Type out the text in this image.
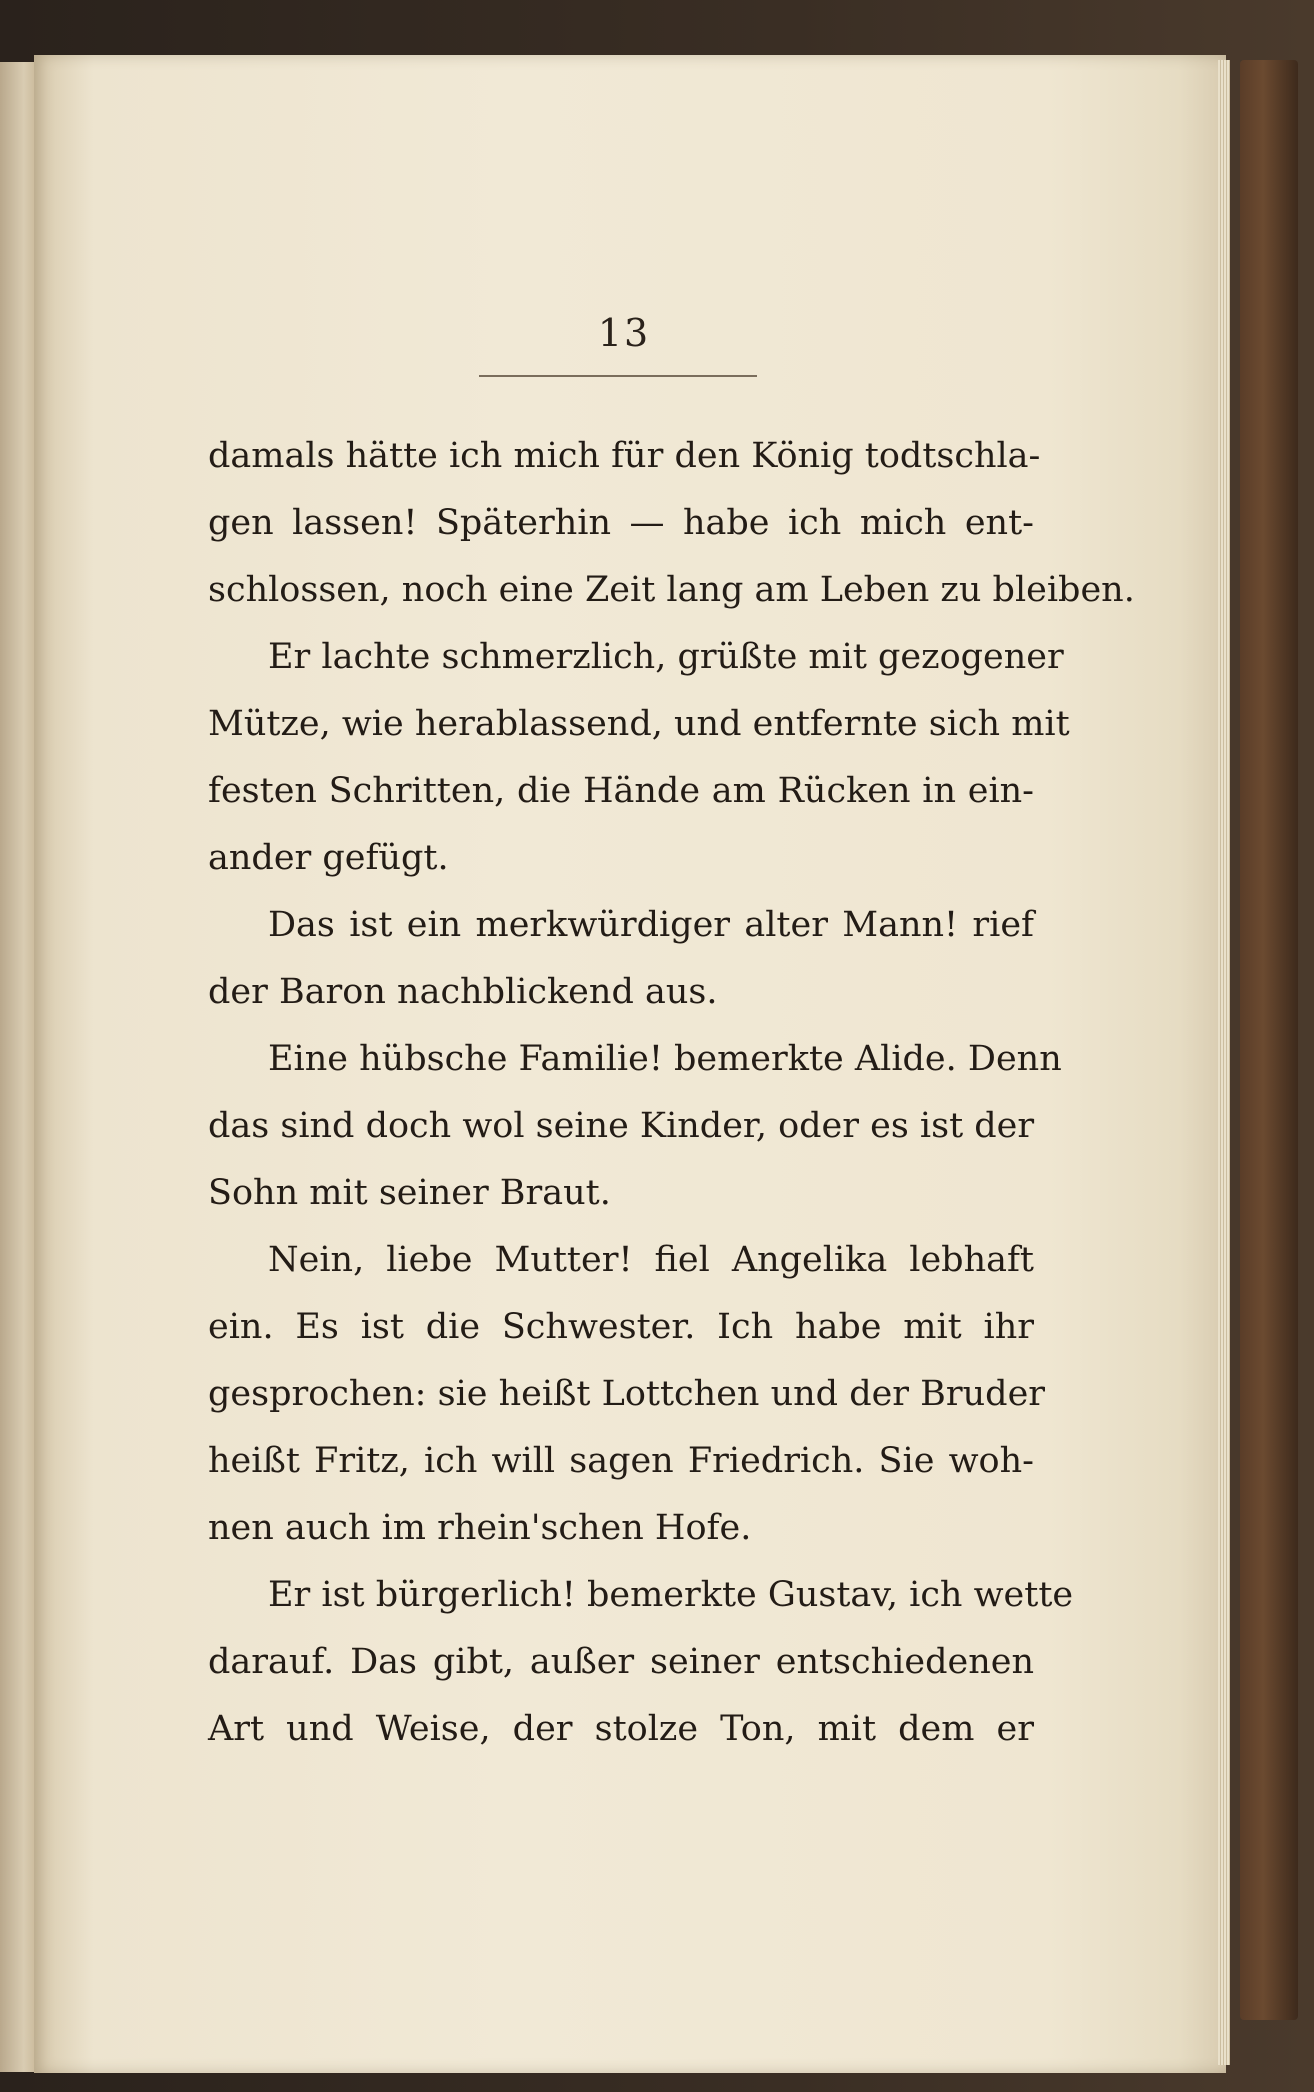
13
damals hätte ich mich für den König todtschla-
gen lassen! Späterhin — habe ich mich ent-
schlossen, noch eine Zeit lang am Leben zu bleiben.
Er lachte schmerzlich, grüßte mit gezogener
Mütze, wie herablassend, und entfernte sich mit
festen Schritten, die Hände am Rücken in ein-
ander gefügt.
Das ist ein merkwürdiger alter Mann! rief
der Baron nachblickend aus.
Eine hübsche Familie! bemerkte Alide. Denn
das sind doch wol seine Kinder, oder es ist der
Sohn mit seiner Braut.
Nein, liebe Mutter! fiel Angelika lebhaft
ein. Es ist die Schwester. Ich habe mit ihr
gesprochen: sie heißt Lottchen und der Bruder
heißt Fritz, ich will sagen Friedrich. Sie woh-
nen auch im rhein'schen Hofe.
Er ist bürgerlich! bemerkte Gustav, ich wette
darauf. Das gibt, außer seiner entschiedenen
Art und Weise, der stolze Ton, mit dem er
